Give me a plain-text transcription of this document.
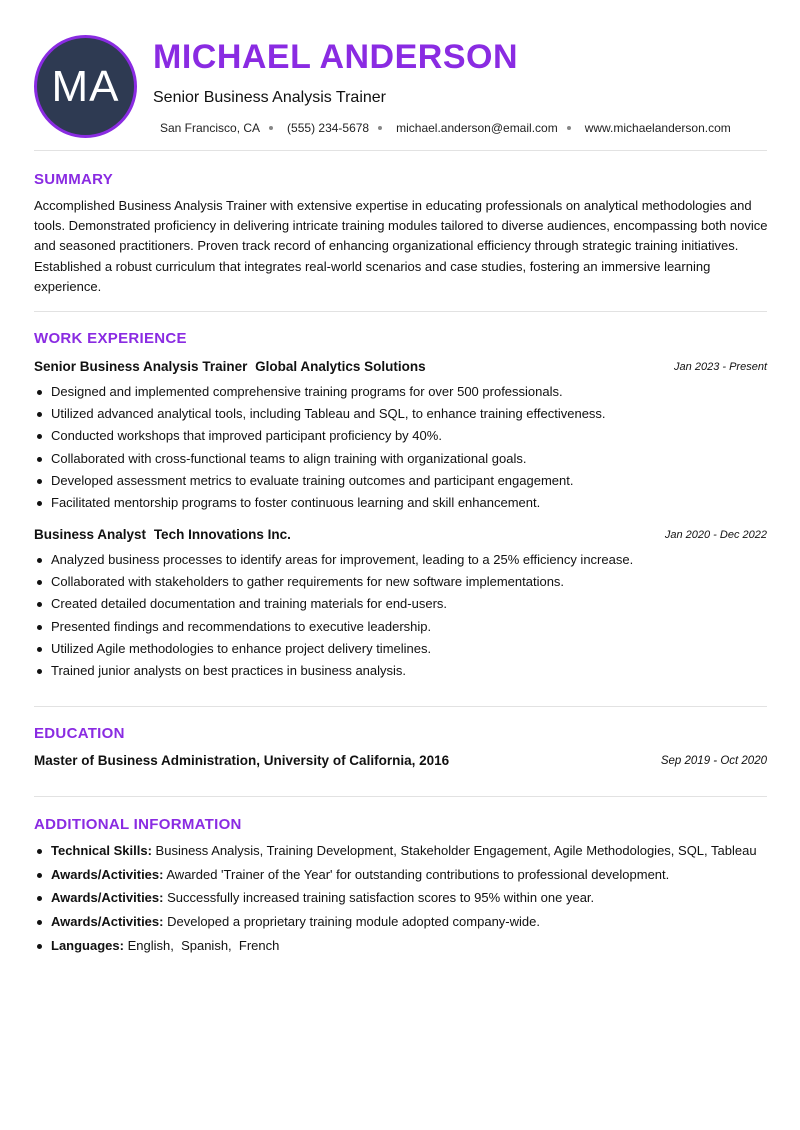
MA
MICHAEL ANDERSON
Senior Business Analysis Trainer
San Francisco, CA (555) 234-5678 michael.anderson@email.com www.michaelanderson.com
SUMMARY
Accomplished Business Analysis Trainer with extensive expertise in educating professionals on analytical methodologies and tools. Demonstrated proficiency in delivering intricate training modules tailored to diverse audiences, encompassing both novice and seasoned practitioners. Proven track record of enhancing organizational efficiency through strategic training initiatives. Established a robust curriculum that integrates real-world scenarios and case studies, fostering an immersive learning experience.
WORK EXPERIENCE
Senior Business Analysis Trainer Global Analytics Solutions	Jan 2023 - Present
Designed and implemented comprehensive training programs for over 500 professionals.
Utilized advanced analytical tools, including Tableau and SQL, to enhance training effectiveness.
Conducted workshops that improved participant proficiency by 40%.
Collaborated with cross-functional teams to align training with organizational goals.
Developed assessment metrics to evaluate training outcomes and participant engagement.
Facilitated mentorship programs to foster continuous learning and skill enhancement.
Business Analyst Tech Innovations Inc.	Jan 2020 - Dec 2022
Analyzed business processes to identify areas for improvement, leading to a 25% efficiency increase.
Collaborated with stakeholders to gather requirements for new software implementations.
Created detailed documentation and training materials for end-users.
Presented findings and recommendations to executive leadership.
Utilized Agile methodologies to enhance project delivery timelines.
Trained junior analysts on best practices in business analysis.
EDUCATION
Master of Business Administration, University of California, 2016	Sep 2019 - Oct 2020
ADDITIONAL INFORMATION
Technical Skills: Business Analysis, Training Development, Stakeholder Engagement, Agile Methodologies, SQL, Tableau
Awards/Activities: Awarded 'Trainer of the Year' for outstanding contributions to professional development.
Awards/Activities: Successfully increased training satisfaction scores to 95% within one year.
Awards/Activities: Developed a proprietary training module adopted company-wide.
Languages: English,  Spanish,  French
